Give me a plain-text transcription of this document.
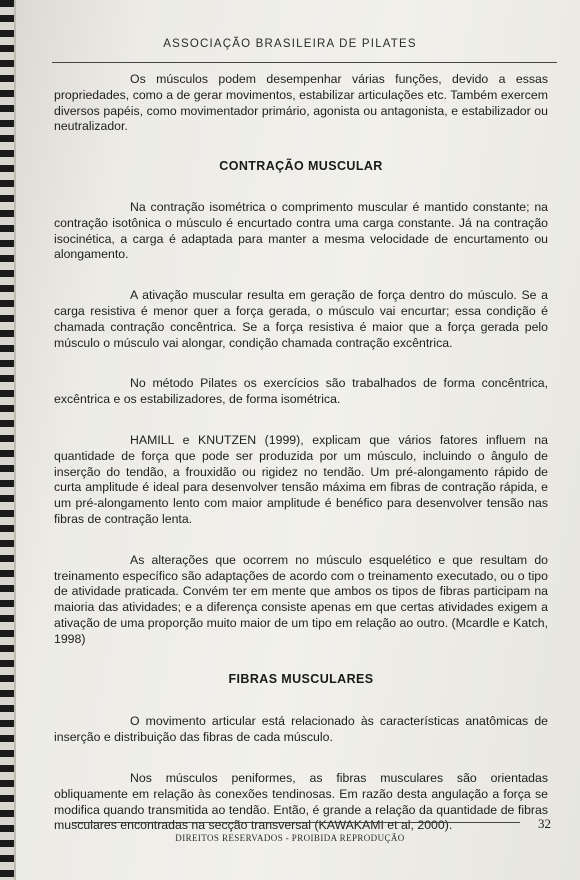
ASSOCIAÇÃO BRASILEIRA DE PILATES

Os músculos podem desempenhar várias funções, devido a essas propriedades, como a de gerar movimentos, estabilizar articulações etc. Também exercem diversos papéis, como movimentador primário, agonista ou antagonista, e estabilizador ou neutralizador.

CONTRAÇÃO MUSCULAR

Na contração isométrica o comprimento muscular é mantido constante; na contração isotônica o músculo é encurtado contra uma carga constante. Já na contração isocinética, a carga é adaptada para manter a mesma velocidade de encurtamento ou alongamento.

A ativação muscular resulta em geração de força dentro do músculo. Se a carga resistiva é menor quer a força gerada, o músculo vai encurtar; essa condição é chamada contração concêntrica. Se a força resistiva é maior que a força gerada pelo músculo o músculo vai alongar, condição chamada contração excêntrica.

No método Pilates os exercícios são trabalhados de forma concêntrica, excêntrica e os estabilizadores, de forma isométrica.

HAMILL e KNUTZEN (1999), explicam que vários fatores influem na quantidade de força que pode ser produzida por um músculo, incluindo o ângulo de inserção do tendão, a frouxidão ou rigidez no tendão. Um pré-alongamento rápido de curta amplitude é ideal para desenvolver tensão máxima em fibras de contração rápida, e um pré-alongamento lento com maior amplitude é benéfico para desenvolver tensão nas fibras de contração lenta.

As alterações que ocorrem no músculo esquelético e que resultam do treinamento específico são adaptações de acordo com o treinamento executado, ou o tipo de atividade praticada. Convém ter em mente que ambos os tipos de fibras participam na maioria das atividades; e a diferença consiste apenas em que certas atividades exigem a ativação de uma proporção muito maior de um tipo em relação ao outro. (Mcardle e Katch, 1998)

FIBRAS MUSCULARES

O movimento articular está relacionado às características anatômicas de inserção e distribuição das fibras de cada músculo.

Nos músculos peniformes, as fibras musculares são orientadas obliquamente em relação às conexões tendinosas. Em razão desta angulação a força se modifica quando transmitida ao tendão. Então, é grande a relação da quantidade de fibras musculares encontradas na secção transversal (KAWAKAMI et al, 2000).	32
DIREITOS RESERVADOS - PROIBIDA REPRODUÇÃO
